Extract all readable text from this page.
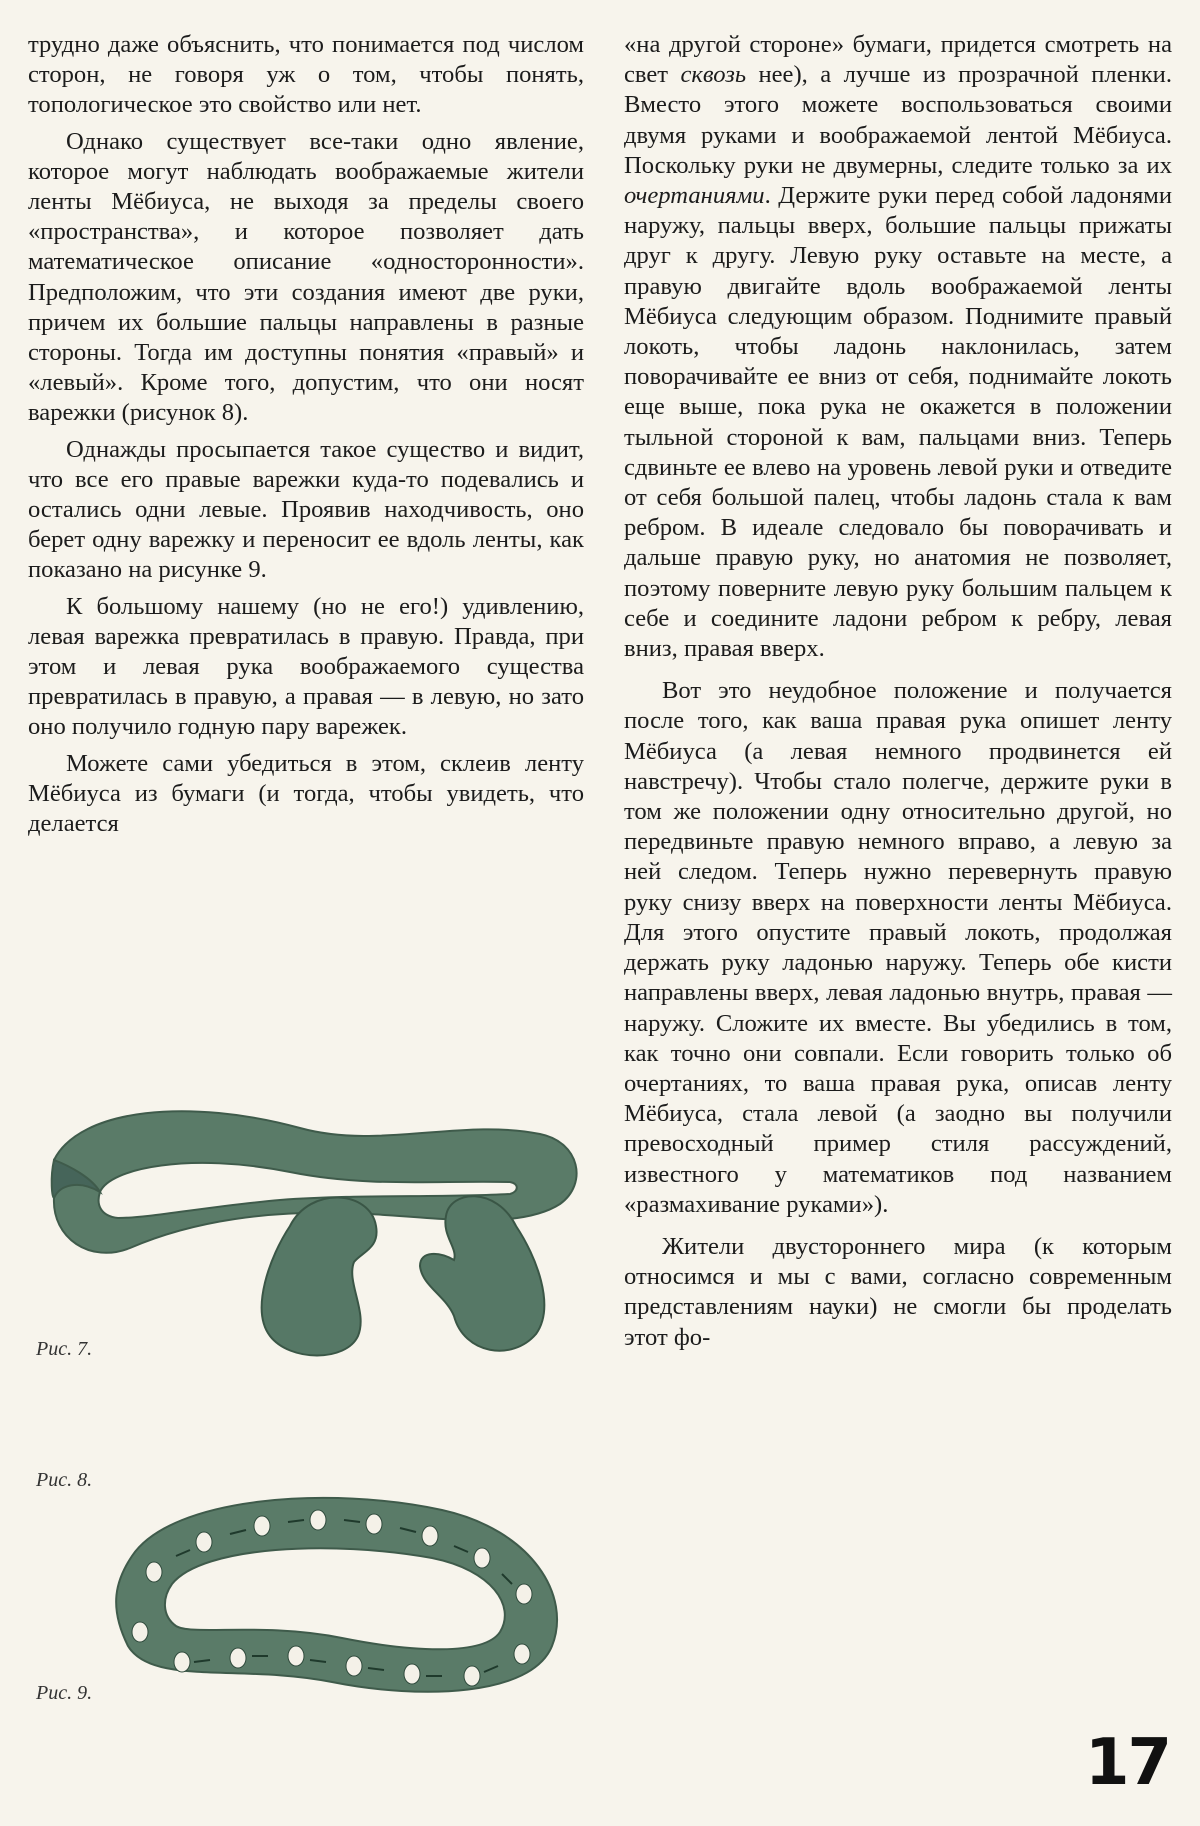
трудно даже объяснить, что понимается под числом сторон, не говоря уж о том, чтобы понять, топологическое это свойство или нет.

Однако существует все-таки одно явление, которое могут наблюдать воображаемые жители ленты Мёбиуса, не выходя за пределы своего «пространства», и которое позволяет дать математическое описание «односторонности». Предположим, что эти создания имеют две руки, причем их большие пальцы направлены в разные стороны. Тогда им доступны понятия «правый» и «левый». Кроме того, допустим, что они носят варежки (рисунок 8).

Однажды просыпается такое существо и видит, что все его правые варежки куда-то подевались и остались одни левые. Проявив находчивость, оно берет одну варежку и переносит ее вдоль ленты, как показано на рисунке 9.

К большому нашему (но не его!) удивлению, левая варежка превратилась в правую. Правда, при этом и левая рука воображаемого существа превратилась в правую, а правая — в левую, но зато оно получило годную пару варежек.

Можете сами убедиться в этом, склеив ленту Мёбиуса из бумаги (и тогда, чтобы увидеть, что делается

«на другой стороне» бумаги, придется смотреть на свет сквозь нее), а лучше из прозрачной пленки. Вместо этого можете воспользоваться своими двумя руками и воображаемой лентой Мёбиуса. Поскольку руки не двумерны, следите только за их очертаниями. Держите руки перед собой ладонями наружу, пальцы вверх, большие пальцы прижаты друг к другу. Левую руку оставьте на месте, а правую двигайте вдоль воображаемой ленты Мёбиуса следующим образом. Поднимите правый локоть, чтобы ладонь наклонилась, затем поворачивайте ее вниз от себя, поднимайте локоть еще выше, пока рука не окажется в положении тыльной стороной к вам, пальцами вниз. Теперь сдвиньте ее влево на уровень левой руки и отведите от себя большой палец, чтобы ладонь стала к вам ребром. В идеале следовало бы поворачивать и дальше правую руку, но анатомия не позволяет, поэтому поверните левую руку большим пальцем к себе и соедините ладони ребром к ребру, левая вниз, правая вверх.

Вот это неудобное положение и получается после того, как ваша правая рука опишет ленту Мёбиуса (а левая немного продвинется ей навстречу). Чтобы стало полегче, держите руки в том же положении одну относительно другой, но передвиньте правую немного вправо, а левую за ней следом. Теперь нужно перевернуть правую руку снизу вверх на поверхности ленты Мёбиуса. Для этого опустите правый локоть, продолжая держать руку ладонью наружу. Теперь обе кисти направлены вверх, левая ладонью внутрь, правая — наружу. Сложите их вместе. Вы убедились в том, как точно они совпали. Если говорить только об очертаниях, то ваша правая рука, описав ленту Мёбиуса, стала левой (а заодно вы получили превосходный пример стиля рассуждений, известного у математиков под названием «размахивание руками»).

Жители двустороннего мира (к которым относимся и мы с вами, согласно современным представлениям науки) не смогли бы проделать этот фо-

Рис. 7.
Рис. 8.
Рис. 9.
17
